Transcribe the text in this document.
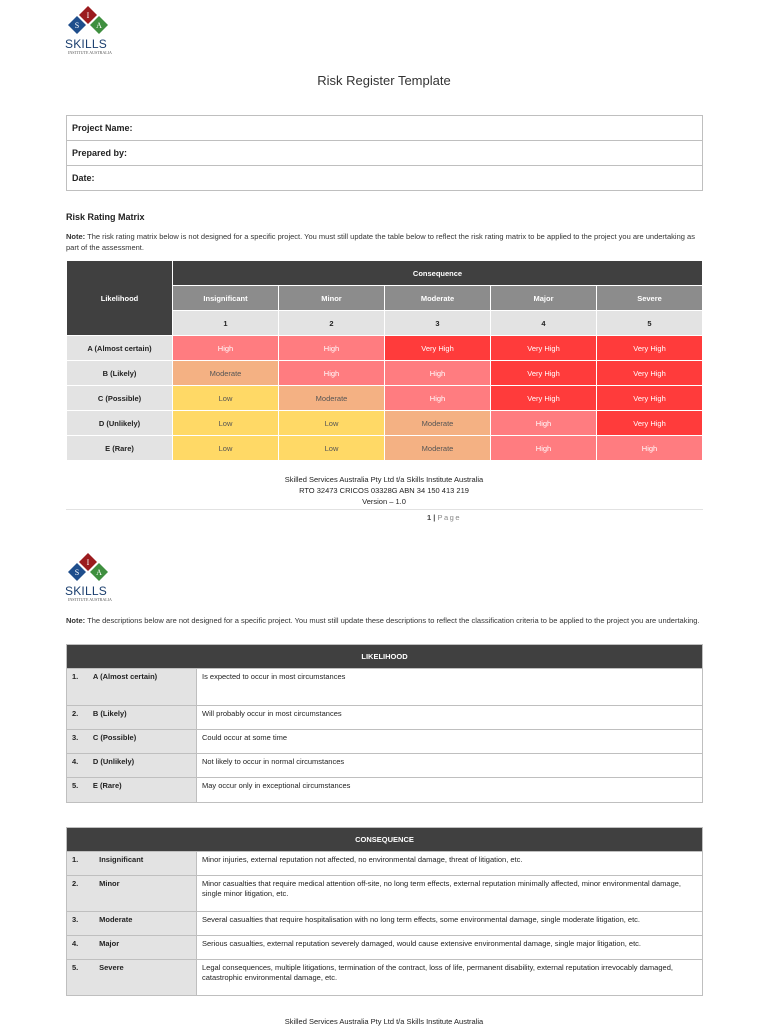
I
S A
SKILLS
INSTITUTE AUSTRALIA
Risk Register Template
Project Name:
Prepared by:
Date:
Risk Rating Matrix
Note: The risk rating matrix below is not designed for a specific project. You must still update the table below to reflect the risk rating matrix to be applied to the project you are undertaking as part of the assessment.
Likelihood	Consequence				
	Insignificant	Minor	Moderate	Major	Severe
	1	2	3	4	5
A (Almost certain)	High	High	Very High	Very High	Very High
B (Likely)	Moderate	High	High	Very High	Very High
C (Possible)	Low	Moderate	High	Very High	Very High
D (Unlikely)	Low	Low	Moderate	High	Very High
E (Rare)	Low	Low	Moderate	High	High
Skilled Services Australia Pty Ltd t/a Skills Institute Australia
RTO 32473 CRICOS 03328G ABN 34 150 413 219
Version – 1.0
1 | Page
I
S A
SKILLS
INSTITUTE AUSTRALIA
Note: The descriptions below are not designed for a specific project. You must still update these descriptions to reflect the classification criteria to be applied to the project you are undertaking.
LIKELIHOOD	
1. A (Almost certain)	Is expected to occur in most circumstances
2. B (Likely)	Will probably occur in most circumstances
3. C (Possible)	Could occur at some time
4. D (Unlikely)	Not likely to occur in normal circumstances
5. E (Rare)	May occur only in exceptional circumstances
CONSEQUENCE	
1. Insignificant	Minor injuries, external reputation not affected, no environmental damage, threat of litigation, etc.
2. Minor	Minor casualties that require medical attention off-site, no long term effects, external reputation minimally affected, minor environmental damage, single minor litigation, etc.
3. Moderate	Several casualties that require hospitalisation with no long term effects, some environmental damage, single moderate litigation, etc.
4. Major	Serious casualties, external reputation severely damaged, would cause extensive environmental damage, single major litigation, etc.
5. Severe	Legal consequences, multiple litigations, termination of the contract, loss of life, permanent disability, external reputation irrevocably damaged, catastrophic environmental damage, etc.
Skilled Services Australia Pty Ltd t/a Skills Institute Australia
